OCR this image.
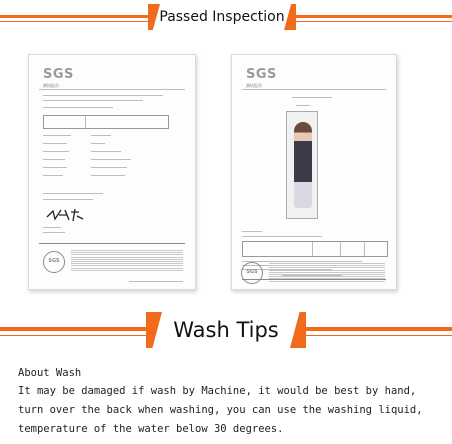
Passed Inspection
SGS
测试报告
SGS
SGS
测试报告
SGS
Wash Tips
About Wash
It may be damaged if wash by Machine, it would be best by hand,
turn over the back when washing, you can use the washing liquid,
temperature of the water below 30 degrees.
